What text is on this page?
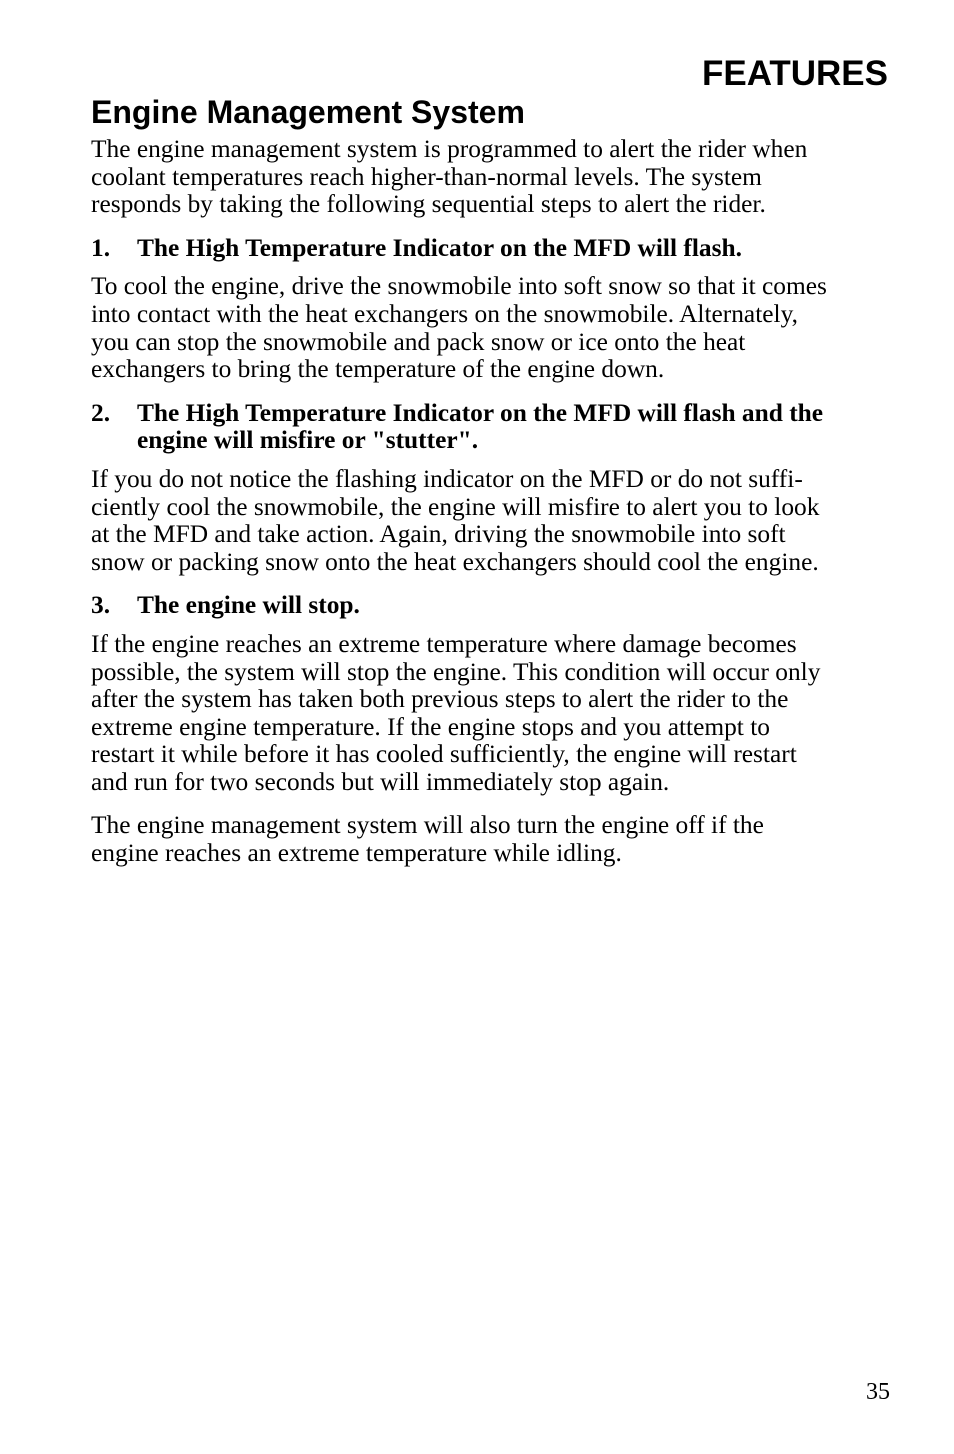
FEATURES
Engine Management System

The engine management system is programmed to alert the rider when
coolant temperatures reach higher-than-normal levels. The system
responds by taking the following sequential steps to alert the rider.

1.	The High Temperature Indicator on the MFD will flash.

To cool the engine, drive the snowmobile into soft snow so that it comes
into contact with the heat exchangers on the snowmobile. Alternately,
you can stop the snowmobile and pack snow or ice onto the heat
exchangers to bring the temperature of the engine down.

2.	The High Temperature Indicator on the MFD will flash and the
engine will misfire or "stutter".

If you do not notice the flashing indicator on the MFD or do not suffi-
ciently cool the snowmobile, the engine will misfire to alert you to look
at the MFD and take action. Again, driving the snowmobile into soft
snow or packing snow onto the heat exchangers should cool the engine.

3.	The engine will stop.

If the engine reaches an extreme temperature where damage becomes
possible, the system will stop the engine. This condition will occur only
after the system has taken both previous steps to alert the rider to the
extreme engine temperature. If the engine stops and you attempt to
restart it while before it has cooled sufficiently, the engine will restart
and run for two seconds but will immediately stop again.

The engine management system will also turn the engine off if the
engine reaches an extreme temperature while idling.

35
